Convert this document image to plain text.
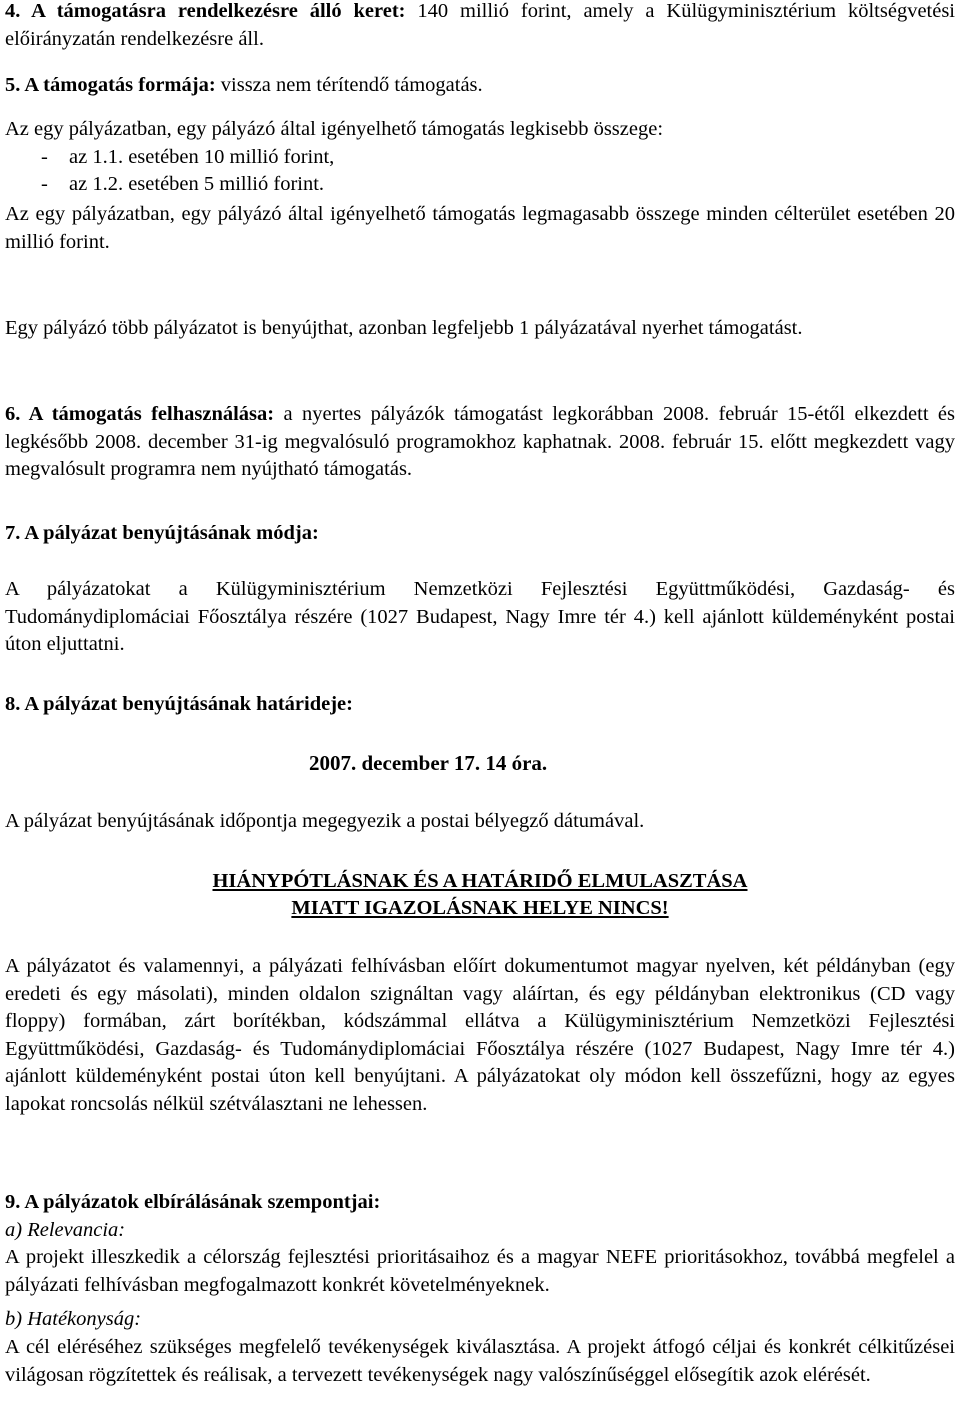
4. A támogatásra rendelkezésre álló keret: 140 millió forint, amely a Külügyminisztérium költségvetési előirányzatán rendelkezésre áll.
5. A támogatás formája: vissza nem térítendő támogatás.
Az egy pályázatban, egy pályázó által igényelhető támogatás legkisebb összege:
- az 1.1. esetében 10 millió forint,
- az 1.2. esetében 5 millió forint.
Az egy pályázatban, egy pályázó által igényelhető támogatás legmagasabb összege minden célterület esetében 20 millió forint.
Egy pályázó több pályázatot is benyújthat, azonban legfeljebb 1 pályázatával nyerhet támogatást.
6. A támogatás felhasználása: a nyertes pályázók támogatást legkorábban 2008. február 15-étől elkezdett és legkésőbb 2008. december 31-ig megvalósuló programokhoz kaphatnak. 2008. február 15. előtt megkezdett vagy megvalósult programra nem nyújtható támogatás.
7. A pályázat benyújtásának módja:
A pályázatokat a Külügyminisztérium Nemzetközi Fejlesztési Együttműködési, Gazdaság- és Tudománydiplomáciai Főosztálya részére (1027 Budapest, Nagy Imre tér 4.) kell ajánlott küldeményként postai úton eljuttatni.
8. A pályázat benyújtásának határideje:
2007. december 17. 14 óra.
A pályázat benyújtásának időpontja megegyezik a postai bélyegző dátumával.
HIÁNYPÓTLÁSNAK ÉS A HATÁRIDŐ ELMULASZTÁSA
MIATT IGAZOLÁSNAK HELYE NINCS!
A pályázatot és valamennyi, a pályázati felhívásban előírt dokumentumot magyar nyelven, két példányban (egy eredeti és egy másolati), minden oldalon szignáltan vagy aláírtan, és egy példányban elektronikus (CD vagy floppy) formában, zárt borítékban, kódszámmal ellátva a Külügyminisztérium Nemzetközi Fejlesztési Együttműködési, Gazdaság- és Tudománydiplomáciai Főosztálya részére (1027 Budapest, Nagy Imre tér 4.) ajánlott küldeményként postai úton kell benyújtani. A pályázatokat oly módon kell összefűzni, hogy az egyes lapokat roncsolás nélkül szétválasztani ne lehessen.
9. A pályázatok elbírálásának szempontjai:
a) Relevancia:
A projekt illeszkedik a célország fejlesztési prioritásaihoz és a magyar NEFE prioritásokhoz, továbbá megfelel a pályázati felhívásban megfogalmazott konkrét követelményeknek.
b) Hatékonyság:
A cél eléréséhez szükséges megfelelő tevékenységek kiválasztása. A projekt átfogó céljai és konkrét célkitűzései világosan rögzítettek és reálisak, a tervezett tevékenységek nagy valószínűséggel elősegítik azok elérését.
